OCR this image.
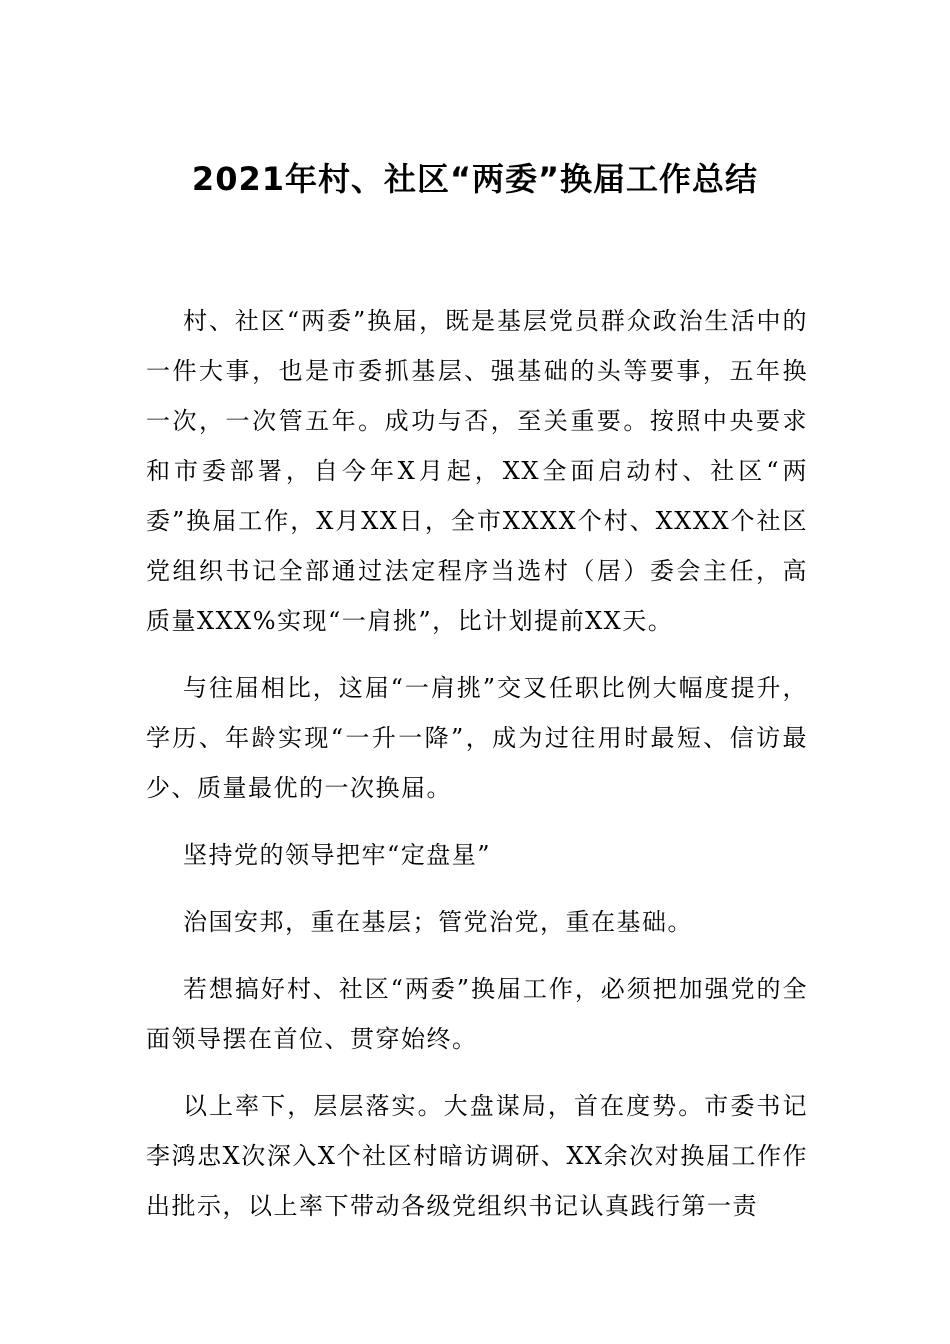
2021年村、社区“两委”换届工作总结

村、社区“两委”换届，既是基层党员群众政治生活中的一件大事，也是市委抓基层、强基础的头等要事，五年换一次，一次管五年。成功与否，至关重要。按照中央要求和市委部署，自今年X月起，XX全面启动村、社区“两委”换届工作，X月XX日，全市XXXX个村、XXXX个社区党组织书记全部通过法定程序当选村（居）委会主任，高质量XXX%实现“一肩挑”，比计划提前XX天。

与往届相比，这届“一肩挑”交叉任职比例大幅度提升，学历、年龄实现“一升一降”，成为过往用时最短、信访最少、质量最优的一次换届。

坚持党的领导把牢“定盘星”

治国安邦，重在基层；管党治党，重在基础。

若想搞好村、社区“两委”换届工作，必须把加强党的全面领导摆在首位、贯穿始终。

以上率下，层层落实。大盘谋局，首在度势。市委书记李鸿忠X次深入X个社区村暗访调研、XX余次对换届工作作出批示，以上率下带动各级党组织书记认真践行第一责
